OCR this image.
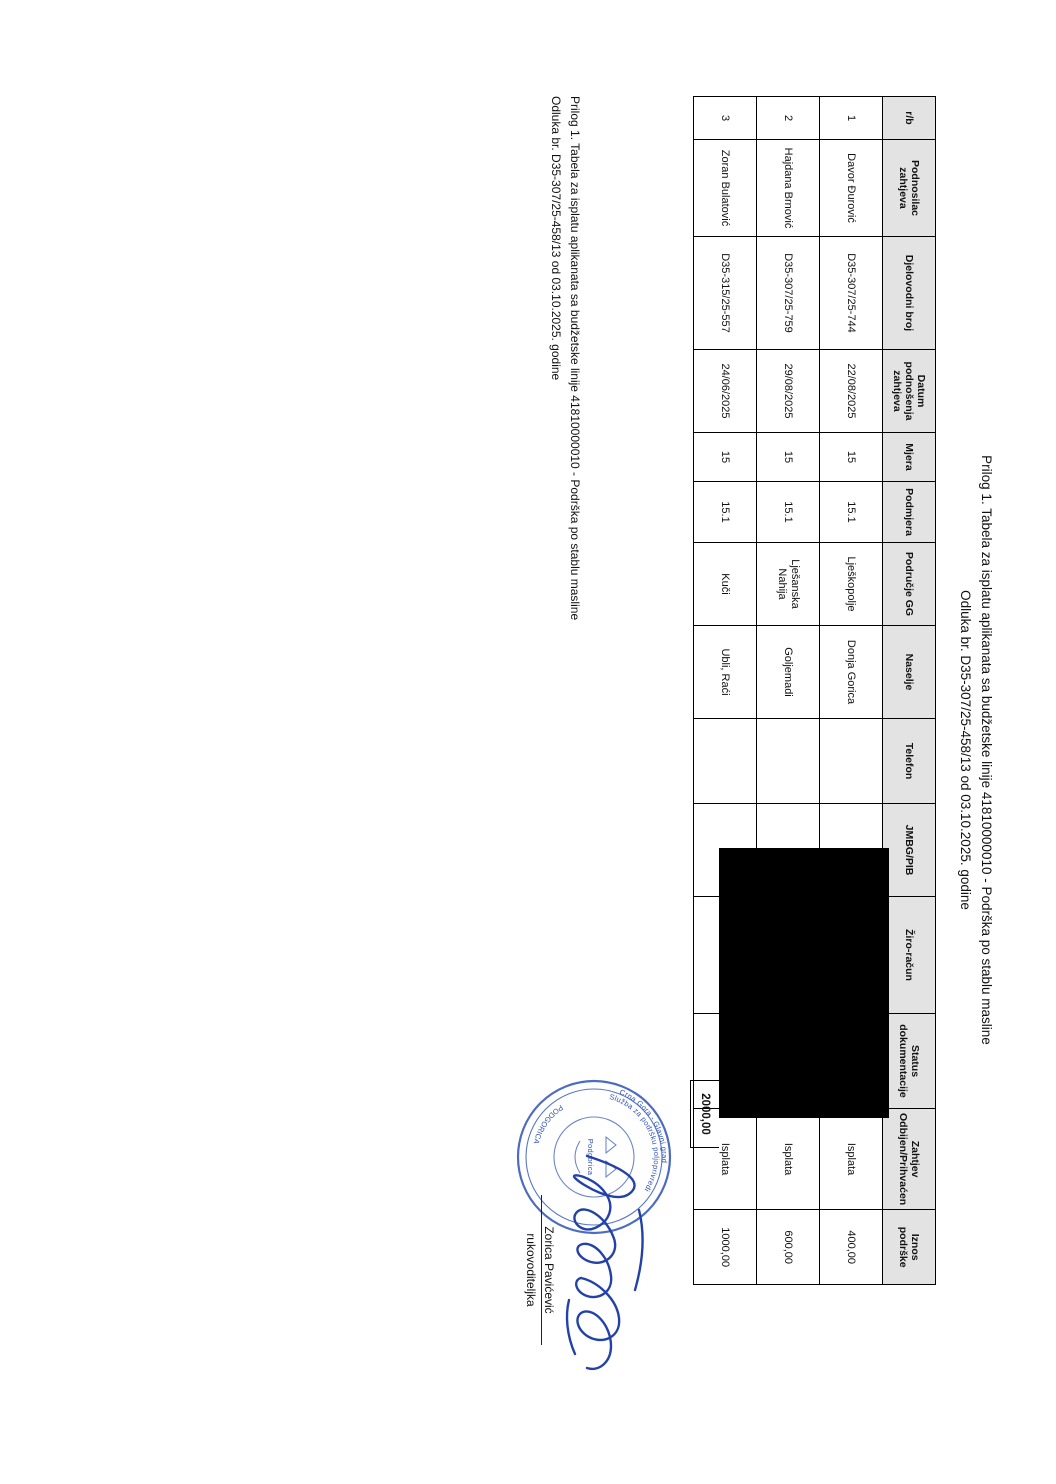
Prilog 1. Tabela za isplatu aplikanata sa budžetske linije 41810000010 - Podrška po stablu masline
Odluka br. D35-307/25-458/13 od 03.10.2025. godine
r/b	Podnosilac zahtjeva	Djelovodni broj	Datum podnošenja zahtjeva	Mjera	Podmjera	Područje GG	Naselje	Telefon	JMBG/PIB	Žiro-račun	Status dokumentacije	Zahtjev Odbijen/Prihvaćen	Iznos podrške
1	Davor Đurović	D35-307/25-744	22/08/2025	15	15.1	Lješkopolje	Donja Gorica					Isplata	400,00
2	Hajdana Brnović	D35-307/25-759	29/08/2025	15	15.1	Lješanska Nahija	Goljemadi					Isplata	600,00
3	Zoran Bulatović	D35-315/25-557	24/06/2025	15	15.1	Kuči	Ubli, Raći					Isplata	1000,00
2000,00
Prilog 1. Tabela za isplatu aplikanata sa budžetske linije 41810000010 - Podrška po stablu masline
Odluka br. D35-307/25-458/13 od 03.10.2025. godine
Crna Gora - Glavni grad
Služba za podršku poljoprivredi
PODGORICA	Podgorica
Zorica Pavićević
rukovoditeljka
